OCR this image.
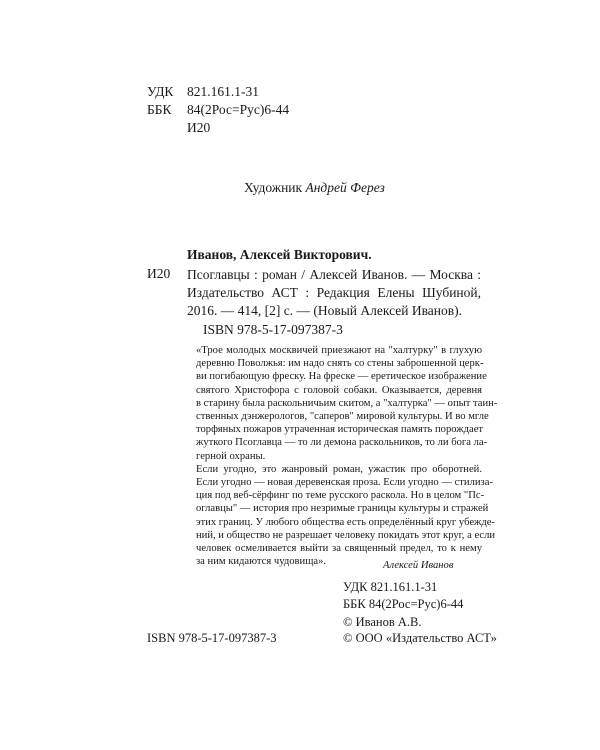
УДК 821.161.1-31
ББК 84(2Рос=Рус)6-44
И20
Художник Андрей Ферез
Иванов, Алексей Викторович.
И20 Псоглавцы : роман / Алексей Иванов. — Москва :
Издательство АСТ : Редакция Елены Шубиной,
2016. — 414, [2] с. — (Новый Алексей Иванов).
ISBN 978-5-17-097387-3

«Трое молодых москвичей приезжают на "халтурку" в глухую
деревню Поволжья: им надо снять со стены заброшенной церк-
ви погибающую фреску. На фреске — еретическое изображение
святого Христофора с головой собаки. Оказывается, деревня
в старину была раскольничьим скитом, а "халтурка" — опыт таин-
ственных дэнжерологов, "саперов" мировой культуры. И во мгле
торфяных пожаров утраченная историческая память порождает
жуткого Псоглавца — то ли демона раскольников, то ли бога ла-
герной охраны.

Если угодно, это жанровый роман, ужастик про оборотней.
Если угодно — новая деревенская проза. Если угодно — стилиза-
ция под веб-сёрфинг по теме русского раскола. Но в целом "Пс-
оглавцы" — история про незримые границы культуры и стражей
этих границ. У любого общества есть определённый круг убежде-
ний, и общество не разрешает человеку покидать этот круг, а если
человек осмеливается выйти за священный предел, то к нему
за ним кидаются чудовища».	Алексей Иванов
УДК 821.161.1-31
ББК 84(2Рос=Рус)6-44
ISBN 978-5-17-097387-3
© Иванов А.В.
© ООО «Издательство АСТ»
